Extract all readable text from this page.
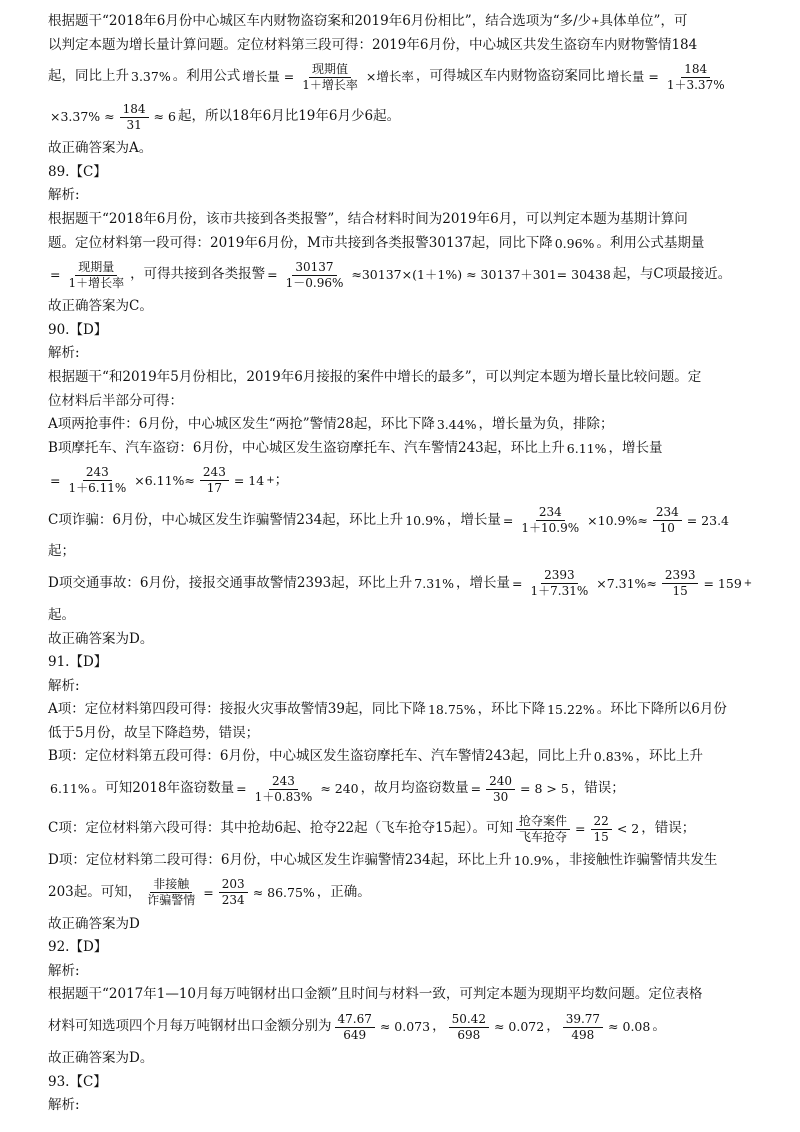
根据题干“2018年6月份中心城区车内财物盗窃案和2019年6月份相比”，结合选项为“多/少 + 具体单位”，可
以判定本题为增长量计算问题。定位材料第三段可得：2019年6月份，中心城区共发生盗窃车内财物警情184
起，同比上升 3.37% 。利用公式 增长量 = $\frac{\text{现期值}}{\text{1＋增长率}}$ ×增长率 ，可得城区车内财物盗窃案同比 增长量 = $\frac{184}{1+3.37\%}$
$\times 3.37\% \approx \frac{184}{31} \approx 6$ 起，所以18年6月比19年6月少6起。
故正确答案为A。
89.【C】
解析:
根据题干“2018年6月份，该市共接到各类报警”，结合材料时间为2019年6月，可以判定本题为基期计算问
题。定位材料第一段可得：2019年6月份，M市共接到各类报警30137起，同比下降 0.96% 。利用公式基期量
= $\frac{\text{现期量}}{\text{1＋增长率}}$ ，可得共接到各类报警 = $\frac{30137}{1-0.96\%} \approx 30137\times(1+1\%) \approx 30137+301= 30438$ 起，与C项最接近。
故正确答案为C。
90.【D】
解析:
根据题干“和2019年5月份相比，2019年6月接报的案件中增长的最多”，可以判定本题为增长量比较问题。定
位材料后半部分可得：
A项两抢事件：6月份，中心城区发生“两抢”警情28起，环比下降 3.44% ，增长量为负，排除；
B项摩托车、汽车盗窃：6月份，中心城区发生盗窃摩托车、汽车警情243起，环比上升 6.11% ，增长量
= $\frac{243}{1+6.11\%} \times 6.11\%\approx \frac{243}{17} = 14$ + ；
C项诈骗：6月份，中心城区发生诈骗警情234起，环比上升 10.9% ，增长量 = $\frac{234}{1+10.9\%} \times 10.9\%\approx \frac{234}{10} = 23.4$
起；
D项交通事故：6月份，接报交通事故警情2393起，环比上升 7.31% ，增长量 = $\frac{2393}{1+7.31\%} \times 7.31\%\approx \frac{2393}{15} = 159$ +
起。
故正确答案为D。
91.【D】
解析:
A项：定位材料第四段可得：接报火灾事故警情39起，同比下降 18.75% ，环比下降 15.22% 。环比下降所以6月份
低于5月份，故呈下降趋势，错误；
B项：定位材料第五段可得：6月份，中心城区发生盗窃摩托车、汽车警情243起，同比上升 0.83% ，环比上升
6.11% 。可知2018年盗窃数量 = $\frac{243}{1+0.83\%} \approx 240$ ，故月均盗窃数量 = $\frac{240}{30} = 8 > 5$ ，错误；
C项：定位材料第六段可得：其中抢劫6起、抢夺22起（飞车抢夺15起）。可知 $\frac{\text{抢夺案件}}{\text{飞车抢夺}} = \frac{22}{15} < 2$ ，错误；
D项：定位材料第二段可得：6月份，中心城区发生诈骗警情234起，环比上升 10.9% ，非接触性诈骗警情共发生
203起。可知， $\frac{\text{非接触}}{\text{诈骗警情}} = \frac{203}{234} \approx 86.75\%$ ，正确。
故正确答案为D
92.【D】
解析:
根据题干“2017年1—10月每万吨钢材出口金额”且时间与材料一致，可判定本题为现期平均数问题。定位表格
材料可知选项四个月每万吨钢材出口金额分别为 $\frac{47.67}{649} \approx 0.073$ ， $\frac{50.42}{698} \approx 0.072$ ， $\frac{39.77}{498} \approx 0.08$ 。
故正确答案为D。
93.【C】
解析:
